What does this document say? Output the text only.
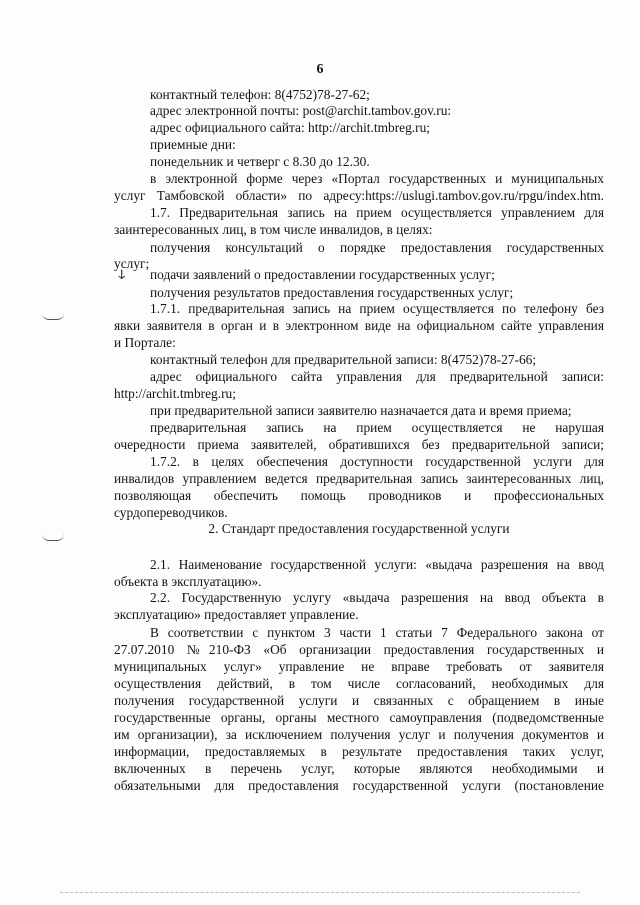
6
ↆ
контактный телефон: 8(4752)78-27-62;
адрес электронной почты: post@archit.tambov.gov.ru:
адрес официального сайта: http://archit.tmbreg.ru;
приемные дни:
понедельник и четверг с 8.30 до 12.30.
в электронной форме через «Портал государственных и муниципальных
услуг Тамбовской области» по адресу:https://uslugi.tambov.gov.ru/rpgu/index.htm.
1.7. Предварительная запись на прием осуществляется управлением для
заинтересованных лиц, в том числе инвалидов, в целях:
получения консультаций о порядке предоставления государственных
услуг;
подачи заявлений о предоставлении государственных услуг;
получения результатов предоставления государственных услуг;
1.7.1. предварительная запись на прием осуществляется по телефону без
явки заявителя в орган и в электронном виде на официальном сайте управления
и Портале:
контактный телефон для предварительной записи: 8(4752)78-27-66;
адрес официального сайта управления для предварительной записи:
http://archit.tmbreg.ru;
при предварительной записи заявителю назначается дата и время приема;
предварительная запись на прием осуществляется не нарушая
очередности приема заявителей, обратившихся без предварительной записи;
1.7.2. в целях обеспечения доступности государственной услуги для
инвалидов управлением ведется предварительная запись заинтересованных лиц,
позволяющая обеспечить помощь проводников и профессиональных
сурдопереводчиков.
2. Стандарт предоставления государственной услуги
2.1. Наименование государственной услуги: «выдача разрешения на ввод
объекта в эксплуатацию».
2.2. Государственную услугу «выдача разрешения на ввод объекта в
эксплуатацию» предоставляет управление.
В соответствии с пунктом 3 части 1 статьи 7 Федерального закона от
27.07.2010 №210-ФЗ «Об организации предоставления государственных и
муниципальных услуг» управление не вправе требовать от заявителя
осуществления действий, в том числе согласований, необходимых для
получения государственной услуги и связанных с обращением в иные
государственные органы, органы местного самоуправления (подведомственные
им организации), за исключением получения услуг и получения документов и
информации, предоставляемых в результате предоставления таких услуг,
включенных в перечень услуг, которые являются необходимыми и
обязательными для предоставления государственной услуги (постановление
